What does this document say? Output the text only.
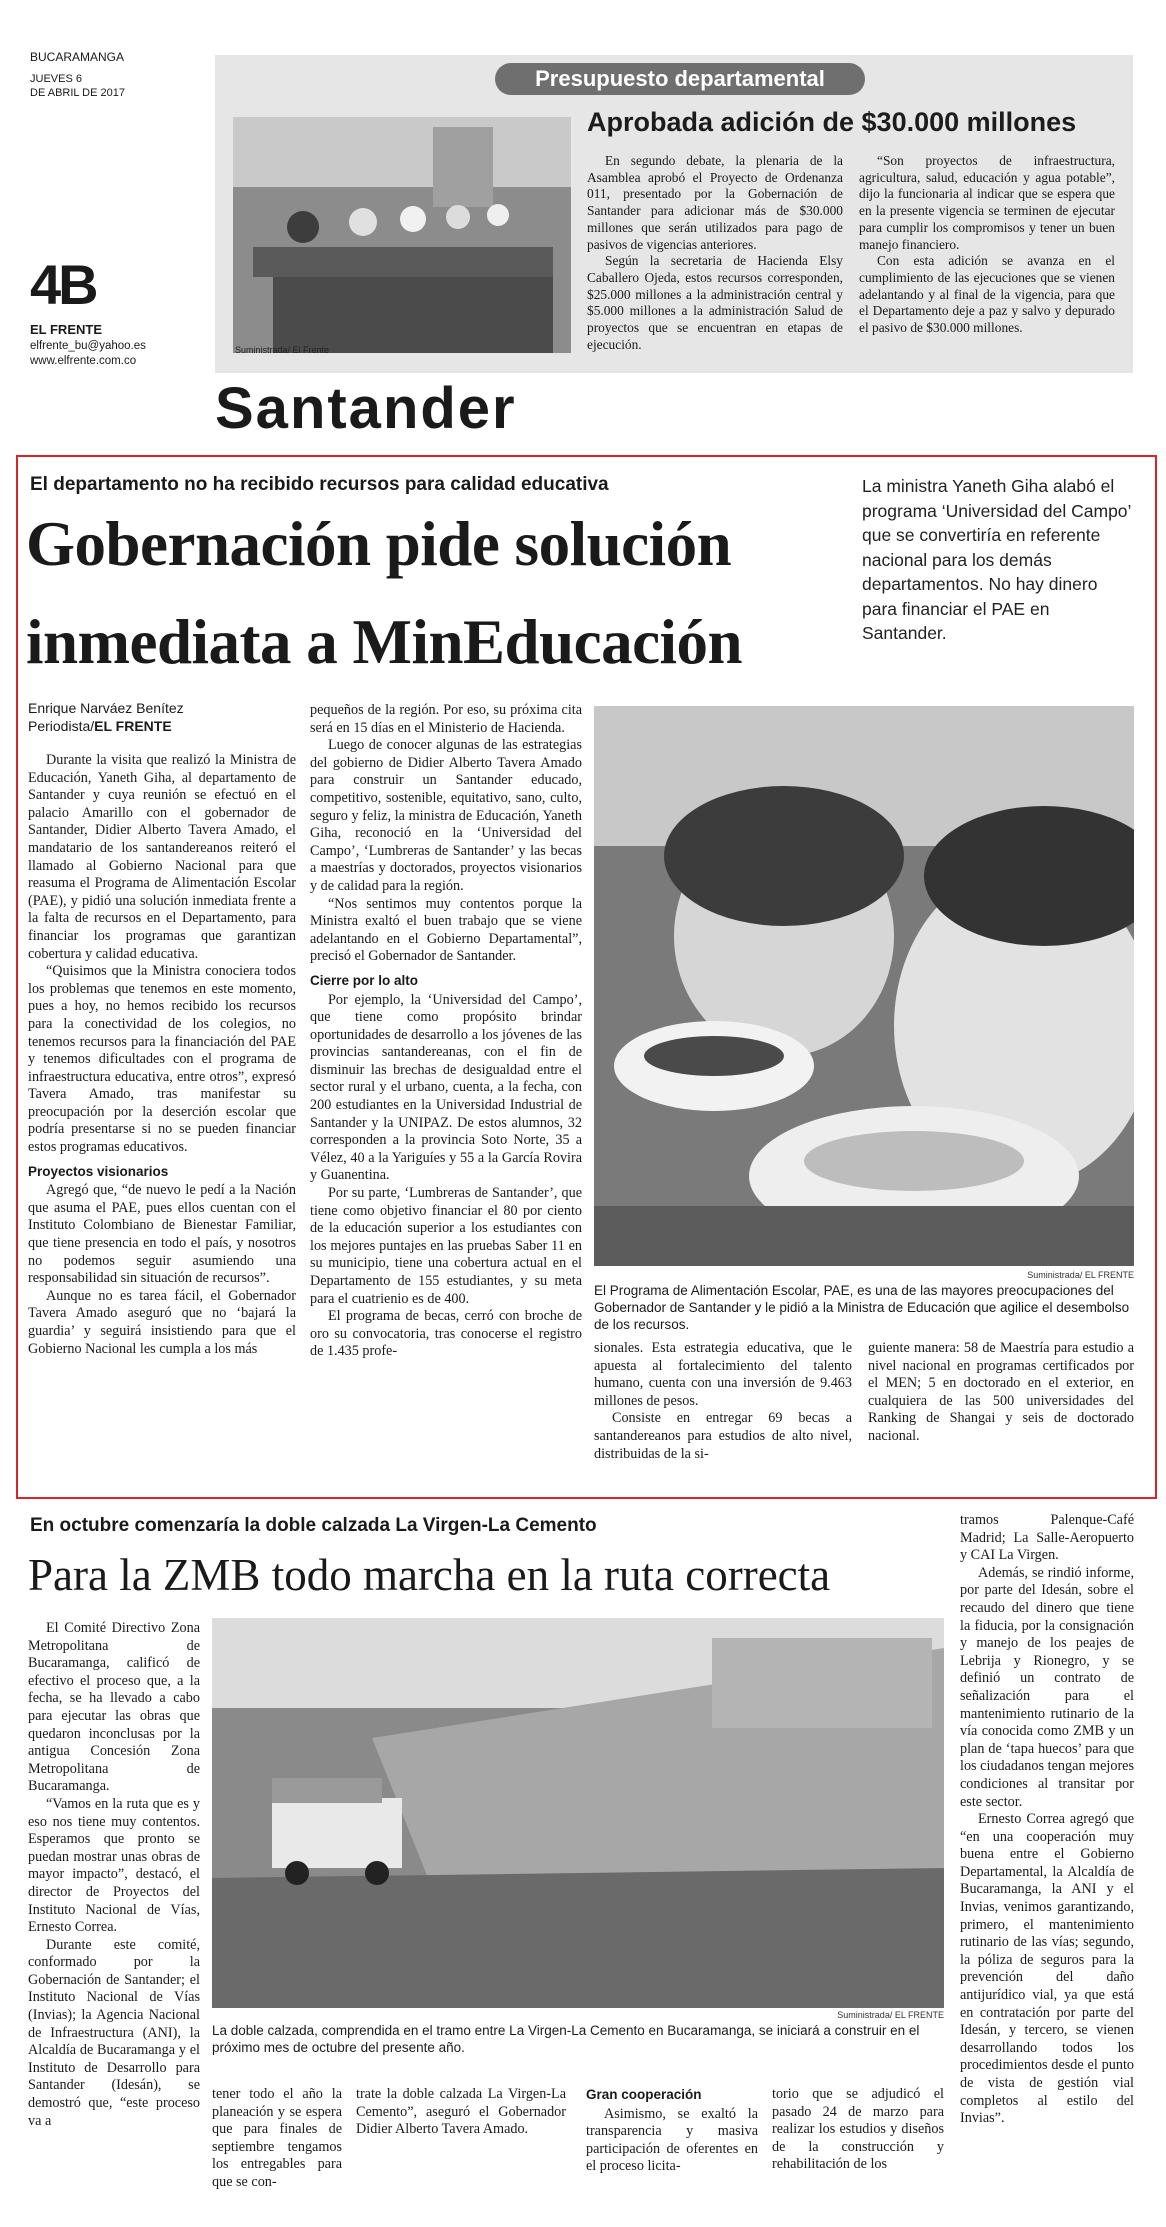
BUCARAMANGA
JUEVES 6
DE ABRIL DE 2017
4B
EL FRENTE
elfrente_bu@yahoo.es
www.elfrente.com.co
Presupuesto departamental
Suministrada/ El Frente
Aprobada adición de $30.000 millones

En segundo debate, la plenaria de la Asamblea aprobó el Proyecto de Ordenanza 011, presentado por la Gobernación de Santander para adicionar más de $30.000 millones que serán utilizados para pago de pasivos de vigencias anteriores.

Según la secretaria de Hacienda Elsy Caballero Ojeda, estos recursos corresponden, $25.000 millones a la administración central y $5.000 millones a la administración Salud de proyectos que se encuentran en etapas de ejecución.

“Son proyectos de infraestructura, agricultura, salud, educación y agua potable”, dijo la funcionaria al indicar que se espera que en la presente vigencia se terminen de ejecutar para cumplir los compromisos y tener un buen manejo financiero.

Con esta adición se avanza en el cumplimiento de las ejecuciones que se vienen adelantando y al final de la vigencia, para que el Departamento deje a paz y salvo y depurado el pasivo de $30.000 millones.

Santander
El departamento no ha recibido recursos para calidad educativa
Gobernación pide solución
inmediata a MinEducación
La ministra Yaneth Giha alabó el programa ‘Universidad del Campo’ que se convertiría en referente nacional para los demás departamentos. No hay dinero para financiar el PAE en Santander.
Enrique Narváez Benítez
Periodista/EL FRENTE

Durante la visita que realizó la Ministra de Educación, Yaneth Giha, al departamento de Santander y cuya reunión se efectuó en el palacio Amarillo con el gobernador de Santander, Didier Alberto Tavera Amado, el mandatario de los santandereanos reiteró el llamado al Gobierno Nacional para que reasuma el Programa de Alimentación Escolar (PAE), y pidió una solución inmediata frente a la falta de recursos en el Departamento, para financiar los programas que garantizan cobertura y calidad educativa.

“Quisimos que la Ministra conociera todos los problemas que tenemos en este momento, pues a hoy, no hemos recibido los recursos para la conectividad de los colegios, no tenemos recursos para la financiación del PAE y tenemos dificultades con el programa de infraestructura educativa, entre otros”, expresó Tavera Amado, tras manifestar su preocupación por la deserción escolar que podría presentarse si no se pueden financiar estos programas educativos.

Proyectos visionarios

Agregó que, “de nuevo le pedí a la Nación que asuma el PAE, pues ellos cuentan con el Instituto Colombiano de Bienestar Familiar, que tiene presencia en todo el país, y nosotros no podemos seguir asumiendo una responsabilidad sin situación de recursos”.

Aunque no es tarea fácil, el Gobernador Tavera Amado aseguró que no ‘bajará la guardia’ y seguirá insistiendo para que el Gobierno Nacional les cumpla a los más

pequeños de la región. Por eso, su próxima cita será en 15 días en el Ministerio de Hacienda.

Luego de conocer algunas de las estrategias del gobierno de Didier Alberto Tavera Amado para construir un Santander educado, competitivo, sostenible, equitativo, sano, culto, seguro y feliz, la ministra de Educación, Yaneth Giha, reconoció en la ‘Universidad del Campo’, ‘Lumbreras de Santander’ y las becas a maestrías y doctorados, proyectos visionarios y de calidad para la región.

“Nos sentimos muy contentos porque la Ministra exaltó el buen trabajo que se viene adelantando en el Gobierno Departamental”, precisó el Gobernador de Santander.

Cierre por lo alto

Por ejemplo, la ‘Universidad del Campo’, que tiene como propósito brindar oportunidades de desarrollo a los jóvenes de las provincias santandereanas, con el fin de disminuir las brechas de desigualdad entre el sector rural y el urbano, cuenta, a la fecha, con 200 estudiantes en la Universidad Industrial de Santander y la UNIPAZ. De estos alumnos, 32 corresponden a la provincia Soto Norte, 35 a Vélez, 40 a la Yariguíes y 55 a la García Rovira y Guanentina.

Por su parte, ‘Lumbreras de Santander’, que tiene como objetivo financiar el 80 por ciento de la educación superior a los estudiantes con los mejores puntajes en las pruebas Saber 11 en su municipio, tiene una cobertura actual en el Departamento de 155 estudiantes, y su meta para el cuatrienio es de 400.

El programa de becas, cerró con broche de oro su convocatoria, tras conocerse el registro de 1.435 profe-

Suministrada/ EL FRENTE
El Programa de Alimentación Escolar, PAE, es una de las mayores preocupaciones del Gobernador de Santander y le pidió a la Ministra de Educación que agilice el desembolso de los recursos.

sionales. Esta estrategia educativa, que le apuesta al fortalecimiento del talento humano, cuenta con una inversión de 9.463 millones de pesos.

Consiste en entregar 69 becas a santandereanos para estudios de alto nivel, distribuidas de la si-

guiente manera: 58 de Maestría para estudio a nivel nacional en programas certificados por el MEN; 5 en doctorado en el exterior, en cualquiera de las 500 universidades del Ranking de Shangai y seis de doctorado nacional.

En octubre comenzaría la doble calzada La Virgen-La Cemento
Para la ZMB todo marcha en la ruta correcta

El Comité Directivo Zona Metropolitana de Bucaramanga, calificó de efectivo el proceso que, a la fecha, se ha llevado a cabo para ejecutar las obras que quedaron inconclusas por la antigua Concesión Zona Metropolitana de Bucaramanga.

“Vamos en la ruta que es y eso nos tiene muy contentos. Esperamos que pronto se puedan mostrar unas obras de mayor impacto”, destacó, el director de Proyectos del Instituto Nacional de Vías, Ernesto Correa.

Durante este comité, conformado por la Gobernación de Santander; el Instituto Nacional de Vías (Invias); la Agencia Nacional de Infraestructura (ANI), la Alcaldía de Bucaramanga y el Instituto de Desarrollo para Santander (Idesán), se demostró que, “este proceso va a

Suministrada/ EL FRENTE
La doble calzada, comprendida en el tramo entre La Virgen-La Cemento en Bucaramanga, se iniciará a construir en el próximo mes de octubre del presente año.

tener todo el año la planeación y se espera que para finales de septiembre tengamos los entregables para que se con-

trate la doble calzada La Virgen-La Cemento”, aseguró el Gobernador Didier Alberto Tavera Amado.

Gran cooperación

Asimismo, se exaltó la transparencia y masiva participación de oferentes en el proceso licita-

torio que se adjudicó el pasado 24 de marzo para realizar los estudios y diseños de la construcción y rehabilitación de los

tramos Palenque-Café Madrid; La Salle-Aeropuerto y CAI La Virgen.

Además, se rindió informe, por parte del Idesán, sobre el recaudo del dinero que tiene la fiducia, por la consignación y manejo de los peajes de Lebrija y Rionegro, y se definió un contrato de señalización para el mantenimiento rutinario de la vía conocida como ZMB y un plan de ‘tapa huecos’ para que los ciudadanos tengan mejores condiciones al transitar por este sector.

Ernesto Correa agregó que “en una cooperación muy buena entre el Gobierno Departamental, la Alcaldía de Bucaramanga, la ANI y el Invias, venimos garantizando, primero, el mantenimiento rutinario de las vías; segundo, la póliza de seguros para la prevención del daño antijurídico vial, ya que está en contratación por parte del Idesán, y tercero, se vienen desarrollando todos los procedimientos desde el punto de vista de gestión vial completos al estilo del Invias”.
